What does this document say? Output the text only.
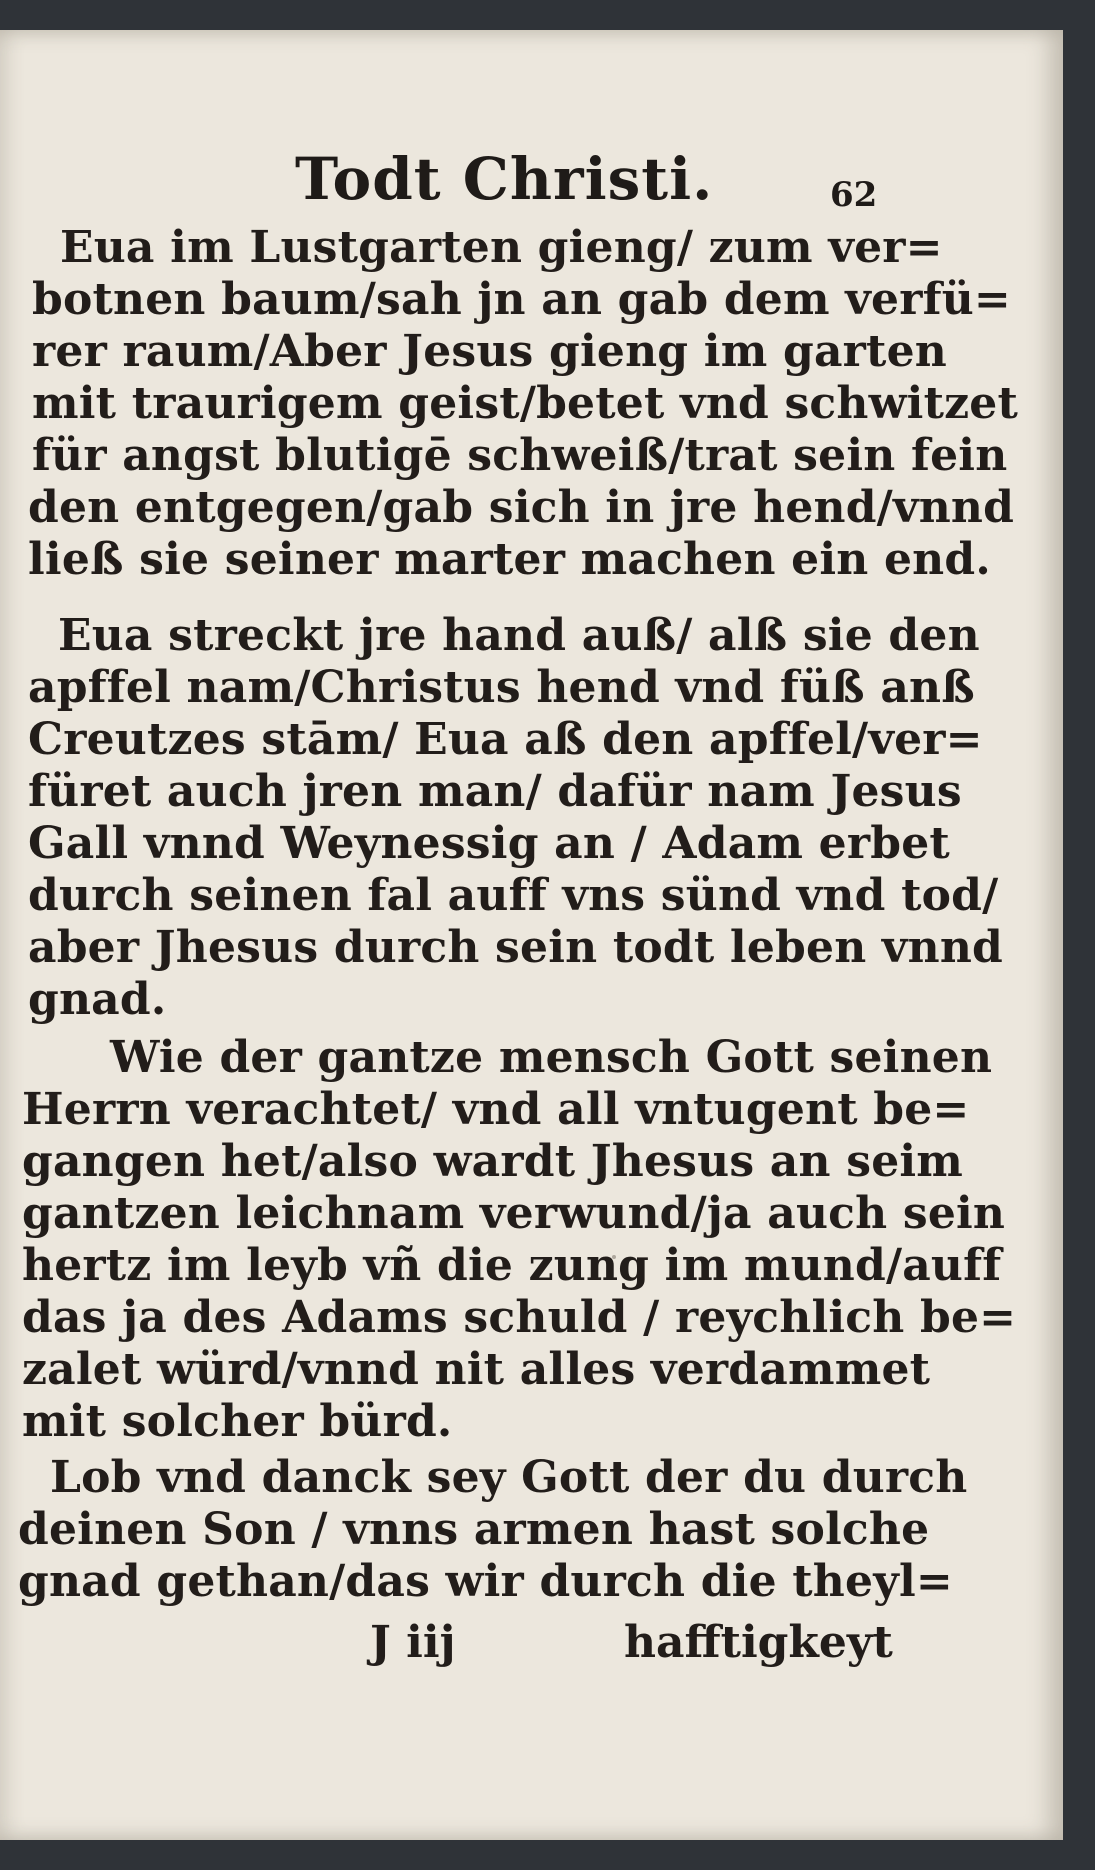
Todt Christi.	62
Eua im Lustgarten gieng/ zum ver=
botnen baum/sah jn an gab dem verfü=
rer raum/Aber Jesus gieng im garten
mit traurigem geist/betet vnd schwitzet
für angst blutigē schweiß/trat sein fein
den entgegen/gab sich in jre hend/vnnd
ließ sie seiner marter machen ein end.
Eua streckt jre hand auß/ alß sie den
apffel nam/Christus hend vnd füß anß
Creutzes stām/ Eua aß den apffel/ver=
füret auch jren man/ dafür nam Jesus
Gall vnnd Weynessig an / Adam erbet
durch seinen fal auff vns sünd vnd tod/
aber Jhesus durch sein todt leben vnnd
gnad.
Wie der gantze mensch Gott seinen
Herrn verachtet/ vnd all vntugent be=
gangen het/also wardt Jhesus an seim
gantzen leichnam verwund/ja auch sein
hertz im leyb vñ die zung im mund/auff
das ja des Adams schuld / reychlich be=
zalet würd/vnnd nit alles verdammet
mit solcher bürd.
Lob vnd danck sey Gott der du durch
deinen Son / vnns armen hast solche
gnad gethan/das wir durch die theyl=
J iij	hafftigkeyt
